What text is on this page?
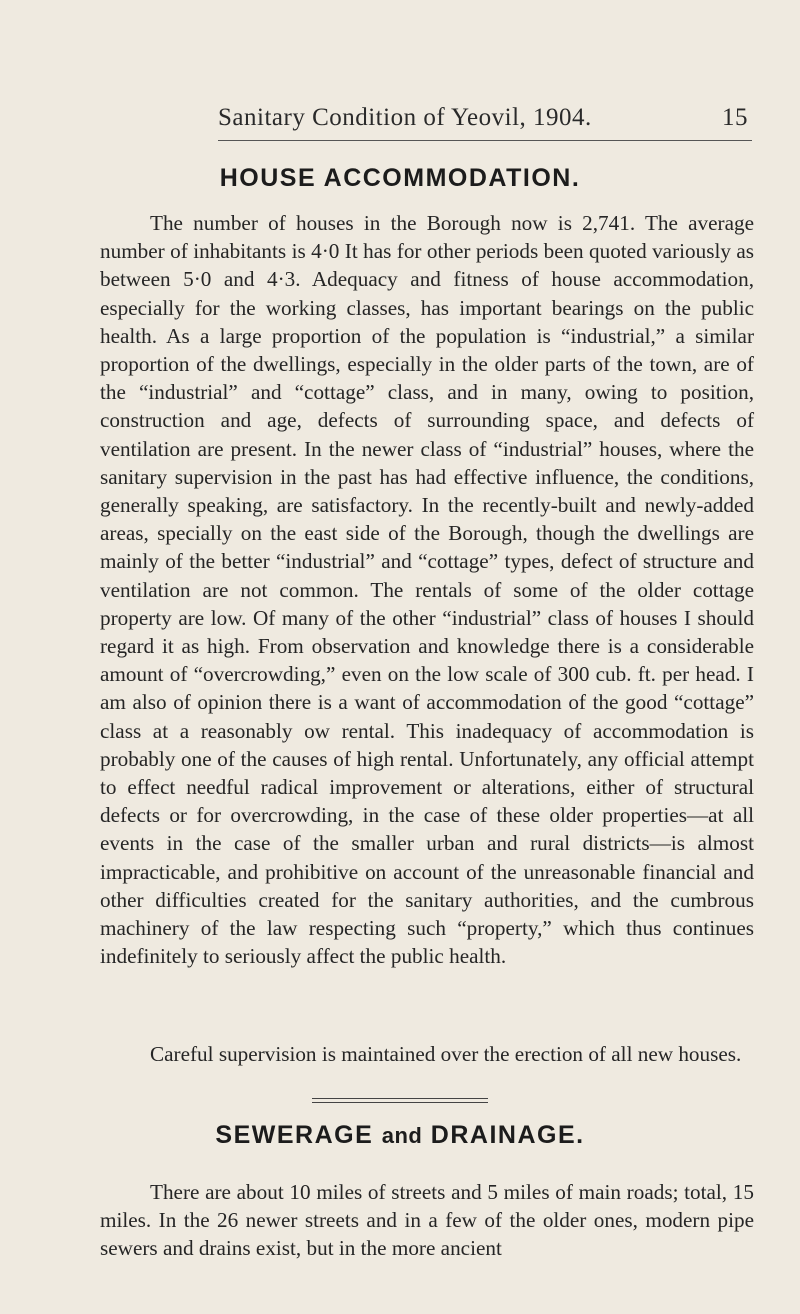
Sanitary Condition of Yeovil, 1904.	15
HOUSE ACCOMMODATION.

The number of houses in the Borough now is 2,741. The average number of inhabitants is 4·0 It has for other periods been quoted variously as between 5·0 and 4·3. Adequacy and fitness of house accommodation, especially for the working classes, has important bearings on the public health. As a large proportion of the population is “industrial,” a similar proportion of the dwellings, especially in the older parts of the town, are of the “industrial” and “cottage” class, and in many, owing to position, construction and age, defects of surrounding space, and defects of ventilation are present. In the newer class of “industrial” houses, where the sanitary supervision in the past has had effective influence, the conditions, generally speaking, are satisfactory. In the recently-built and newly-added areas, specially on the east side of the Borough, though the dwellings are mainly of the better “industrial” and “cottage” types, defect of structure and ventilation are not common. The rentals of some of the older cottage property are low. Of many of the other “industrial” class of houses I should regard it as high. From observation and knowledge there is a considerable amount of “overcrowding,” even on the low scale of 300 cub. ft. per head. I am also of opinion there is a want of accommodation of the good “cottage” class at a reasonably ow rental. This inadequacy of accommodation is probably one of the causes of high rental. Unfortunately, any official attempt to effect needful radical improvement or alterations, either of structural defects or for overcrowding, in the case of these older properties—at all events in the case of the smaller urban and rural districts—is almost impracticable, and prohibitive on account of the unreasonable financial and other difficulties created for the sanitary authorities, and the cumbrous machinery of the law respecting such “property,” which thus continues indefinitely to seriously affect the public health.

Careful supervision is maintained over the erection of all new houses.

SEWERAGE and DRAINAGE.

There are about 10 miles of streets and 5 miles of main roads; total, 15 miles. In the 26 newer streets and in a few of the older ones, modern pipe sewers and drains exist, but in the more ancient
